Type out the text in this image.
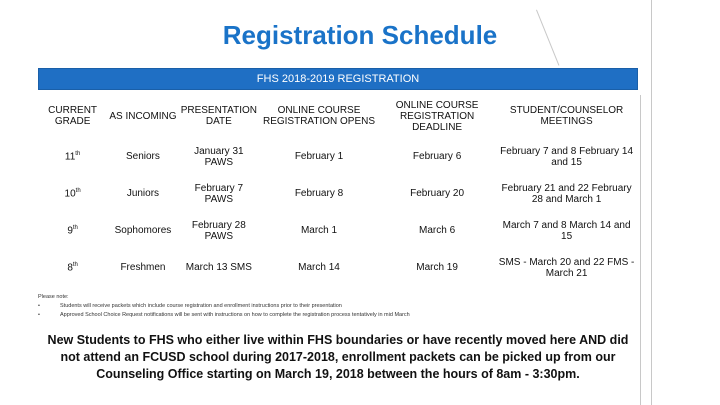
Registration Schedule
FHS 2018-2019 REGISTRATION
CURRENT GRADE	AS INCOMING	PRESENTATION DATE	ONLINE COURSE REGISTRATION OPENS	ONLINE COURSE REGISTRATION DEADLINE	STUDENT/COUNSELOR MEETINGS
11th	Seniors	January 31 PAWS	February 1	February 6	February 7 and 8 February 14 and 15
10th	Juniors	February 7 PAWS	February 8	February 20	February 21 and 22 February 28 and March 1
9th	Sophomores	February 28 PAWS	March 1	March 6	March 7 and 8 March 14 and 15
8th	Freshmen	March 13 SMS	March 14	March 19	SMS - March 20 and 22 FMS - March 21
Please note:
•	Students will receive packets which include course registration and enrollment instructions prior to their presentation
•	Approved School Choice Request notifications will be sent with instructions on how to complete the registration process tentatively in mid March
New Students to FHS who either live within FHS boundaries or have recently moved here AND did not attend an FCUSD school during 2017-2018, enrollment packets can be picked up from our Counseling Office starting on March 19, 2018 between the hours of 8am - 3:30pm.
